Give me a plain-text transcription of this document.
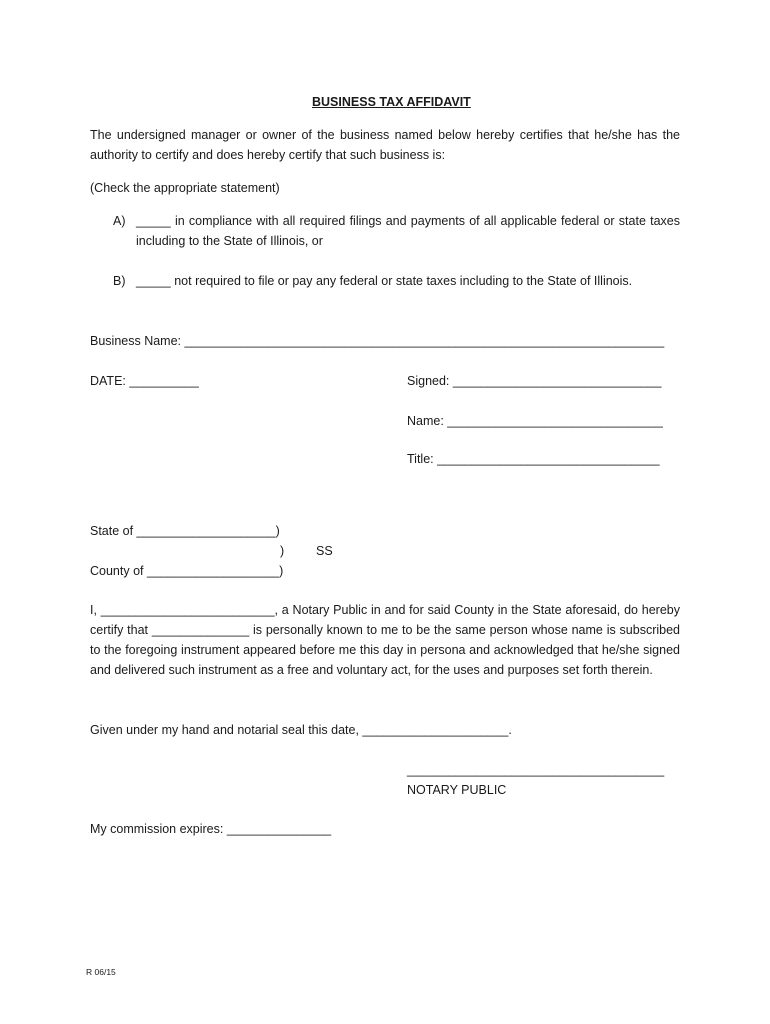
BUSINESS TAX AFFIDAVIT
The undersigned manager or owner of the business named below hereby certifies that he/she has the authority to certify and does hereby certify that such business is:
(Check the appropriate statement)
A) _____ in compliance with all required filings and payments of all applicable federal or state taxes including to the State of Illinois, or
B) _____ not required to file or pay any federal or state taxes including to the State of Illinois.
Business Name: _____________________________________________________________________
DATE: __________	Signed: ______________________________
Name: _______________________________
Title: ________________________________
State of ____________________)
)	SS
County of ___________________)
I, _________________________, a Notary Public in and for said County in the State aforesaid, do hereby certify that ______________ is personally known to me to be the same person whose name is subscribed to the foregoing instrument appeared before me this day in persona and acknowledged that he/she signed and delivered such instrument as a free and voluntary act, for the uses and purposes set forth therein.
Given under my hand and notarial seal this date, _____________________.
_____________________________________
NOTARY PUBLIC
My commission expires: _______________
R 06/15
